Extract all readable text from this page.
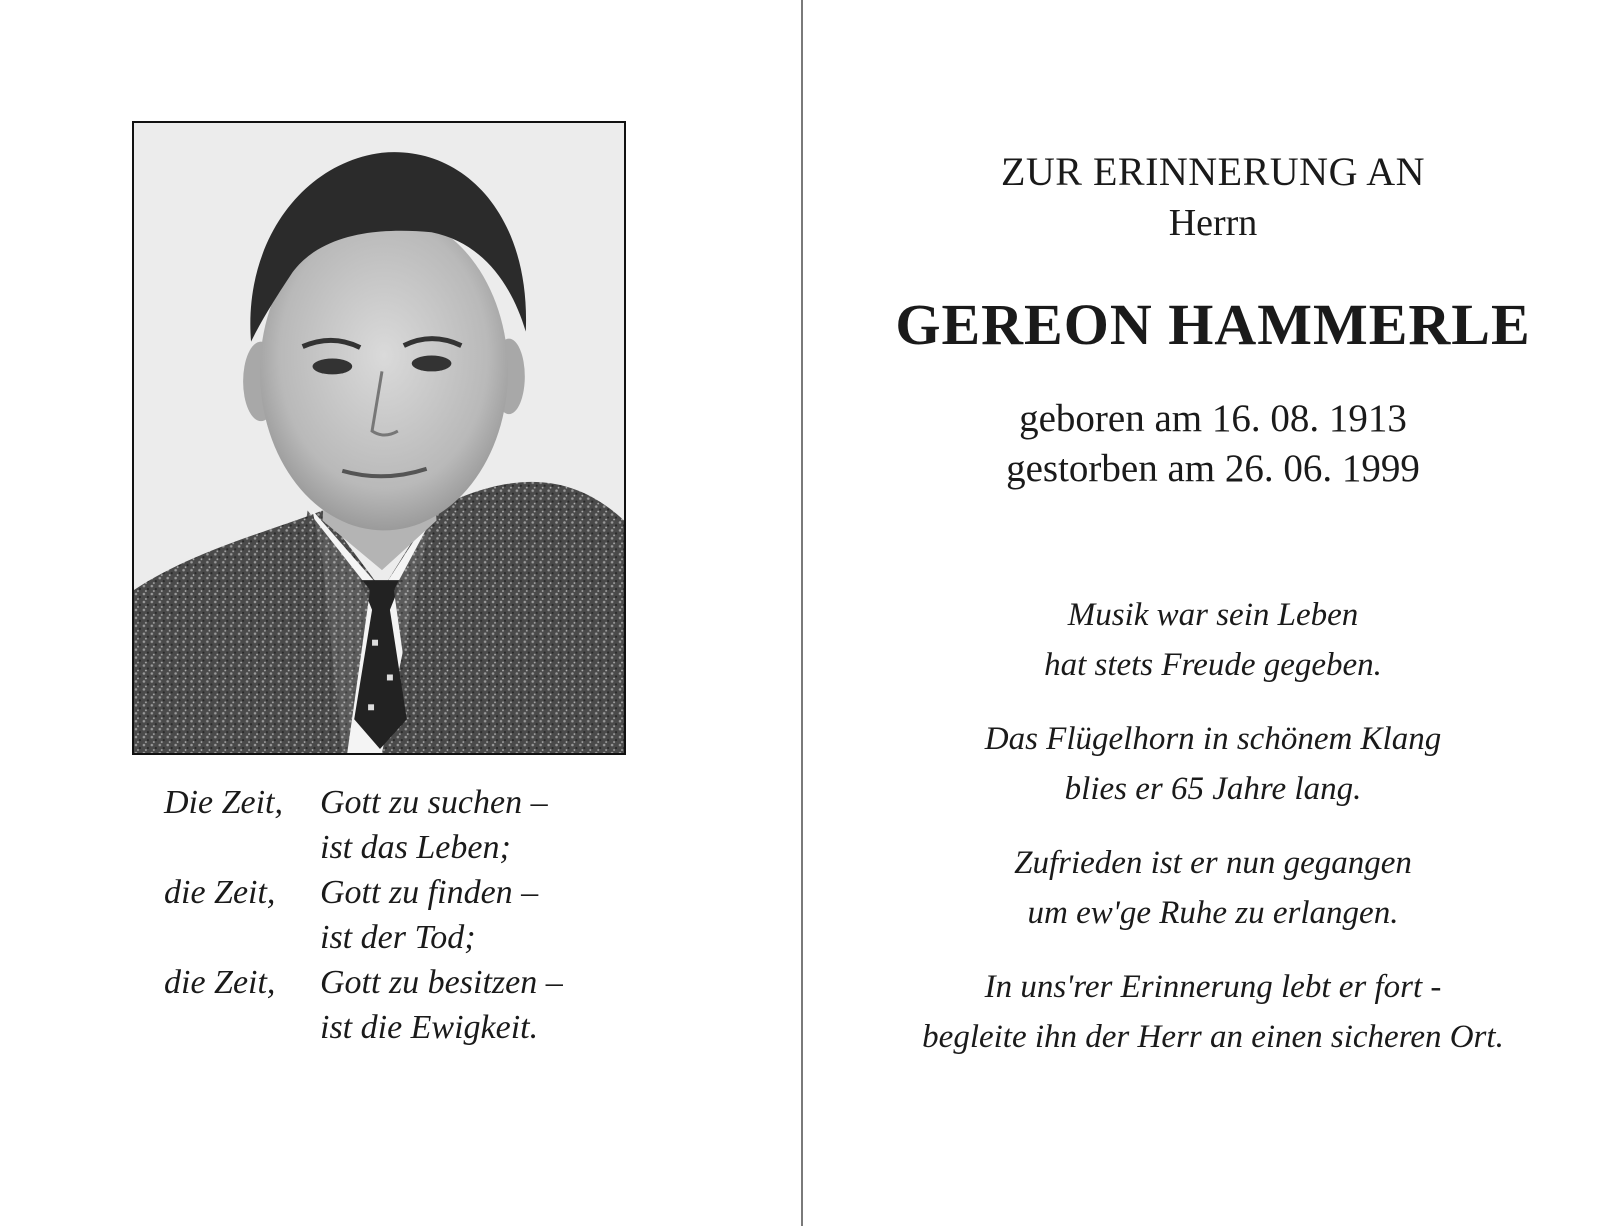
Die Zeit,	Gott zu suchen –
ist das Leben;
die Zeit,	Gott zu finden –
ist der Tod;
die Zeit,	Gott zu besitzen –
ist die Ewigkeit.
ZUR ERINNERUNG AN
Herrn
GEREON HAMMERLE
geboren am 16. 08. 1913
gestorben am 26. 06. 1999
Musik war sein Leben
hat stets Freude gegeben.
Das Flügelhorn in schönem Klang
blies er 65 Jahre lang.
Zufrieden ist er nun gegangen
um ew'ge Ruhe zu erlangen.
In uns'rer Erinnerung lebt er fort -
begleite ihn der Herr an einen sicheren Ort.
